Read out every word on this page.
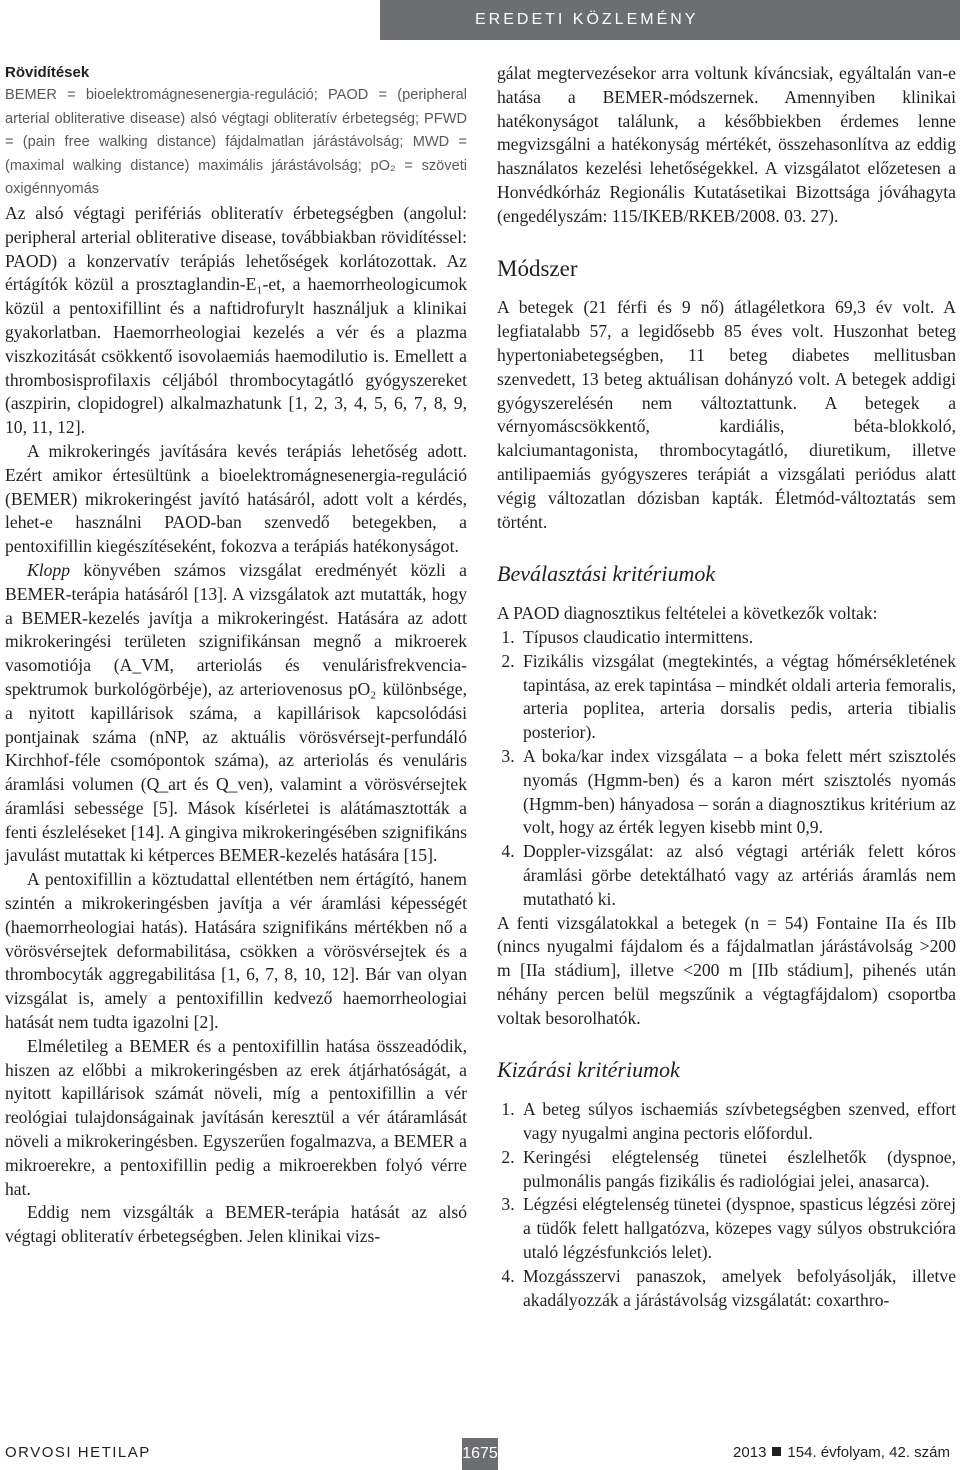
EREDETI KÖZLEMÉNY

Rövidítések

BEMER = bioelektromágnesenergia-reguláció; PAOD = (peripheral arterial obliterative disease) alsó végtagi obliteratív érbetegség; PFWD = (pain free walking distance) fájdalmatlan járástávolság; MWD = (maximal walking distance) maximális járástávolság; pO₂ = szöveti oxigénnyomás

Az alsó végtagi perifériás obliteratív érbetegségben (angolul: peripheral arterial obliterative disease, továbbiakban rövidítéssel: PAOD) a konzervatív terápiás lehetőségek korlátozottak. Az értágítók közül a prosztaglandin-E₁-et, a haemorrheologicumok közül a pentoxifillint és a naftidrofurylt használjuk a klinikai gyakorlatban. Haemorrheologiai kezelés a vér és a plazma viszkozitását csökkentő isovolaemiás haemodilutio is. Emellett a thrombosisprofilaxis céljából thrombocytagátló gyógyszereket (aszpirin, clopidogrel) alkalmazhatunk [1, 2, 3, 4, 5, 6, 7, 8, 9, 10, 11, 12].

A mikrokeringés javítására kevés terápiás lehetőség adott. Ezért amikor értesültünk a bioelektromágnesenergia-reguláció (BEMER) mikrokeringést javító hatásáról, adott volt a kérdés, lehet-e használni PAOD-ban szenvedő betegekben, a pentoxifillin kiegészítéseként, fokozva a terápiás hatékonyságot.

Klopp könyvében számos vizsgálat eredményét közli a BEMER-terápia hatásáról [13]. A vizsgálatok azt mutatták, hogy a BEMER-kezelés javítja a mikrokeringést. Hatására az adott mikrokeringési területen szignifikánsan megnő a mikroerek vasomotiója (A_VM, arteriolás és venulárisfrekvencia-spektrumok burkológörbéje), az arteriovenosus pO₂ különbsége, a nyitott kapillárisok száma, a kapillárisok kapcsolódási pontjainak száma (nNP, az aktuális vörösvérsejt-perfundáló Kirchhof-féle csomópontok száma), az arteriolás és venuláris áramlási volumen (Q_art és Q_ven), valamint a vörösvérsejtek áramlási sebessége [5]. Mások kísérletei is alátámasztották a fenti észleléseket [14]. A gingiva mikrokeringésében szignifikáns javulást mutattak ki kétperces BEMER-kezelés hatására [15].

A pentoxifillin a köztudattal ellentétben nem értágító, hanem szintén a mikrokeringésben javítja a vér áramlási képességét (haemorrheologiai hatás). Hatására szignifikáns mértékben nő a vörösvérsejtek deformabilitása, csökken a vörösvérsejtek és a thrombocyták aggregabilitása [1, 6, 7, 8, 10, 12]. Bár van olyan vizsgálat is, amely a pentoxifillin kedvező haemorrheologiai hatását nem tudta igazolni [2].

Elméletileg a BEMER és a pentoxifillin hatása összeadódik, hiszen az előbbi a mikrokeringésben az erek átjárhatóságát, a nyitott kapillárisok számát növeli, míg a pentoxifillin a vér reológiai tulajdonságainak javításán keresztül a vér átáramlását növeli a mikrokeringésben. Egyszerűen fogalmazva, a BEMER a mikroerekre, a pentoxifillin pedig a mikroerekben folyó vérre hat.

Eddig nem vizsgálták a BEMER-terápia hatását az alsó végtagi obliteratív érbetegségben. Jelen klinikai vizs-

gálat megtervezésekor arra voltunk kíváncsiak, egyáltalán van-e hatása a BEMER-módszernek. Amennyiben klinikai hatékonyságot találunk, a későbbiekben érdemes lenne megvizsgálni a hatékonyság mértékét, összehasonlítva az eddig használatos kezelési lehetőségekkel. A vizsgálatot előzetesen a Honvédkórház Regionális Kutatásetikai Bizottsága jóváhagyta (engedélyszám: 115/IKEB/RKEB/2008. 03. 27).

Módszer

A betegek (21 férfi és 9 nő) átlagéletkora 69,3 év volt. A legfiatalabb 57, a legidősebb 85 éves volt. Huszonhat beteg hypertoniabetegségben, 11 beteg diabetes mellitusban szenvedett, 13 beteg aktuálisan dohányzó volt. A betegek addigi gyógyszerelésén nem változtattunk. A betegek a vérnyomáscsökkentő, kardiális, béta-blokkoló, kalciumantagonista, thrombocytagátló, diuretikum, illetve antilipaemiás gyógyszeres terápiát a vizsgálati periódus alatt végig változatlan dózisban kapták. Életmód-változtatás sem történt.

Beválasztási kritériumok

A PAOD diagnosztikus feltételei a következők voltak:

1. Típusos claudicatio intermittens.
2. Fizikális vizsgálat (megtekintés, a végtag hőmérsékletének tapintása, az erek tapintása – mindkét oldali arteria femoralis, arteria poplitea, arteria dorsalis pedis, arteria tibialis posterior).
3. A boka/kar index vizsgálata – a boka felett mért szisztolés nyomás (Hgmm-ben) és a karon mért szisztolés nyomás (Hgmm-ben) hányadosa – során a diagnosztikus kritérium az volt, hogy az érték legyen kisebb mint 0,9.
4. Doppler-vizsgálat: az alsó végtagi artériák felett kóros áramlási görbe detektálható vagy az artériás áramlás nem mutatható ki.

A fenti vizsgálatokkal a betegek (n = 54) Fontaine IIa és IIb (nincs nyugalmi fájdalom és a fájdalmatlan járástávolság >200 m [IIa stádium], illetve <200 m [IIb stádium], pihenés után néhány percen belül megszűnik a végtagfájdalom) csoportba voltak besorolhatók.

Kizárási kritériumok
1. A beteg súlyos ischaemiás szívbetegségben szenved, effort vagy nyugalmi angina pectoris előfordul.
2. Keringési elégtelenség tünetei észlelhetők (dyspnoe, pulmonális pangás fizikális és radiológiai jelei, anasarca).
3. Légzési elégtelenség tünetei (dyspnoe, spasticus légzési zörej a tüdők felett hallgatózva, közepes vagy súlyos obstrukcióra utaló légzésfunkciós lelet).
4. Mozgásszervi panaszok, amelyek befolyásolják, illetve akadályozzák a járástávolság vizsgálatát: coxarthro-
ORVOSI HETILAP	1675	2013 154. évfolyam, 42. szám
